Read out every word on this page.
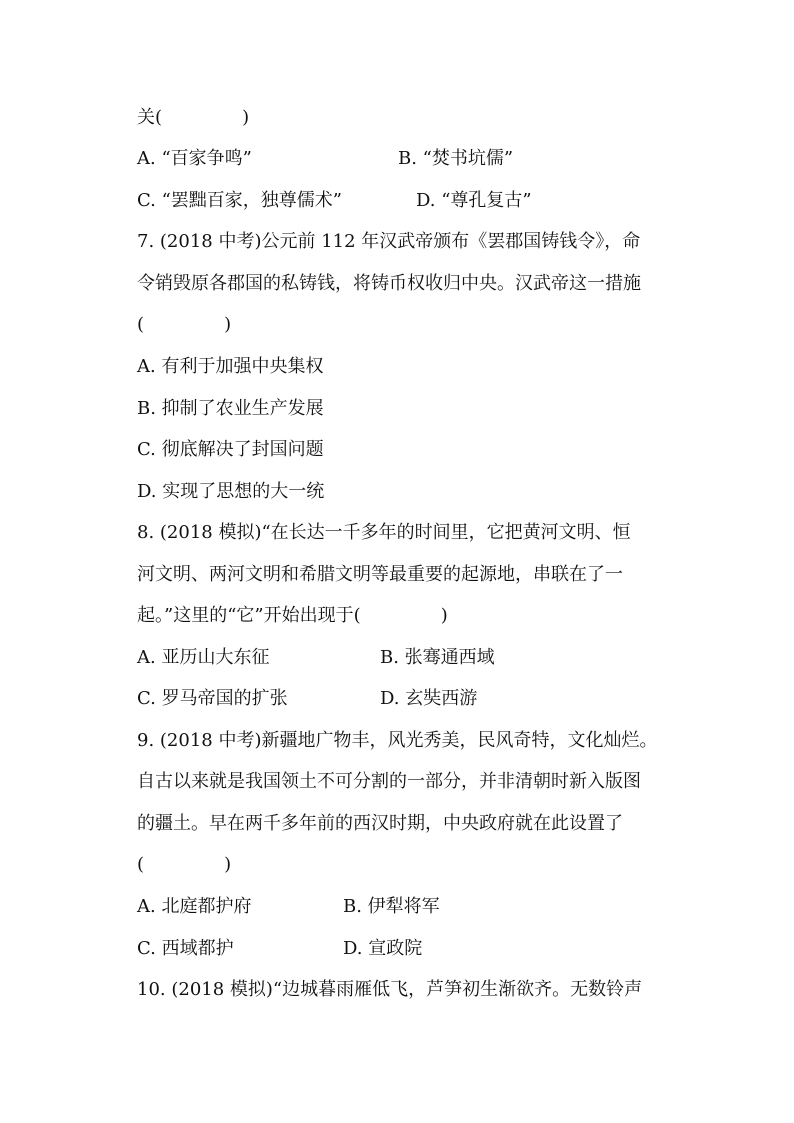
关(              )
A. “百家争鸣”	B. “焚书坑儒”
C. “罢黜百家，独尊儒术”	D. “尊孔复古”
7. (2018 中考)公元前 112 年汉武帝颁布《罢郡国铸钱令》，命
令销毁原各郡国的私铸钱，将铸币权收归中央。汉武帝这一措施
(              )
A. 有利于加强中央集权
B. 抑制了农业生产发展
C. 彻底解决了封国问题
D. 实现了思想的大一统
8. (2018 模拟)“在长达一千多年的时间里，它把黄河文明、恒
河文明、两河文明和希腊文明等最重要的起源地，串联在了一
起。”这里的“它”开始出现于(              )
A. 亚历山大东征	B. 张骞通西域
C. 罗马帝国的扩张	D. 玄奘西游
9. (2018 中考)新疆地广物丰，风光秀美，民风奇特，文化灿烂。
自古以来就是我国领土不可分割的一部分，并非清朝时新入版图
的疆土。早在两千多年前的西汉时期，中央政府就在此设置了
(              )
A. 北庭都护府	B. 伊犁将军
C. 西域都护	D. 宣政院
10. (2018 模拟)“边城暮雨雁低飞，芦笋初生渐欲齐。无数铃声
